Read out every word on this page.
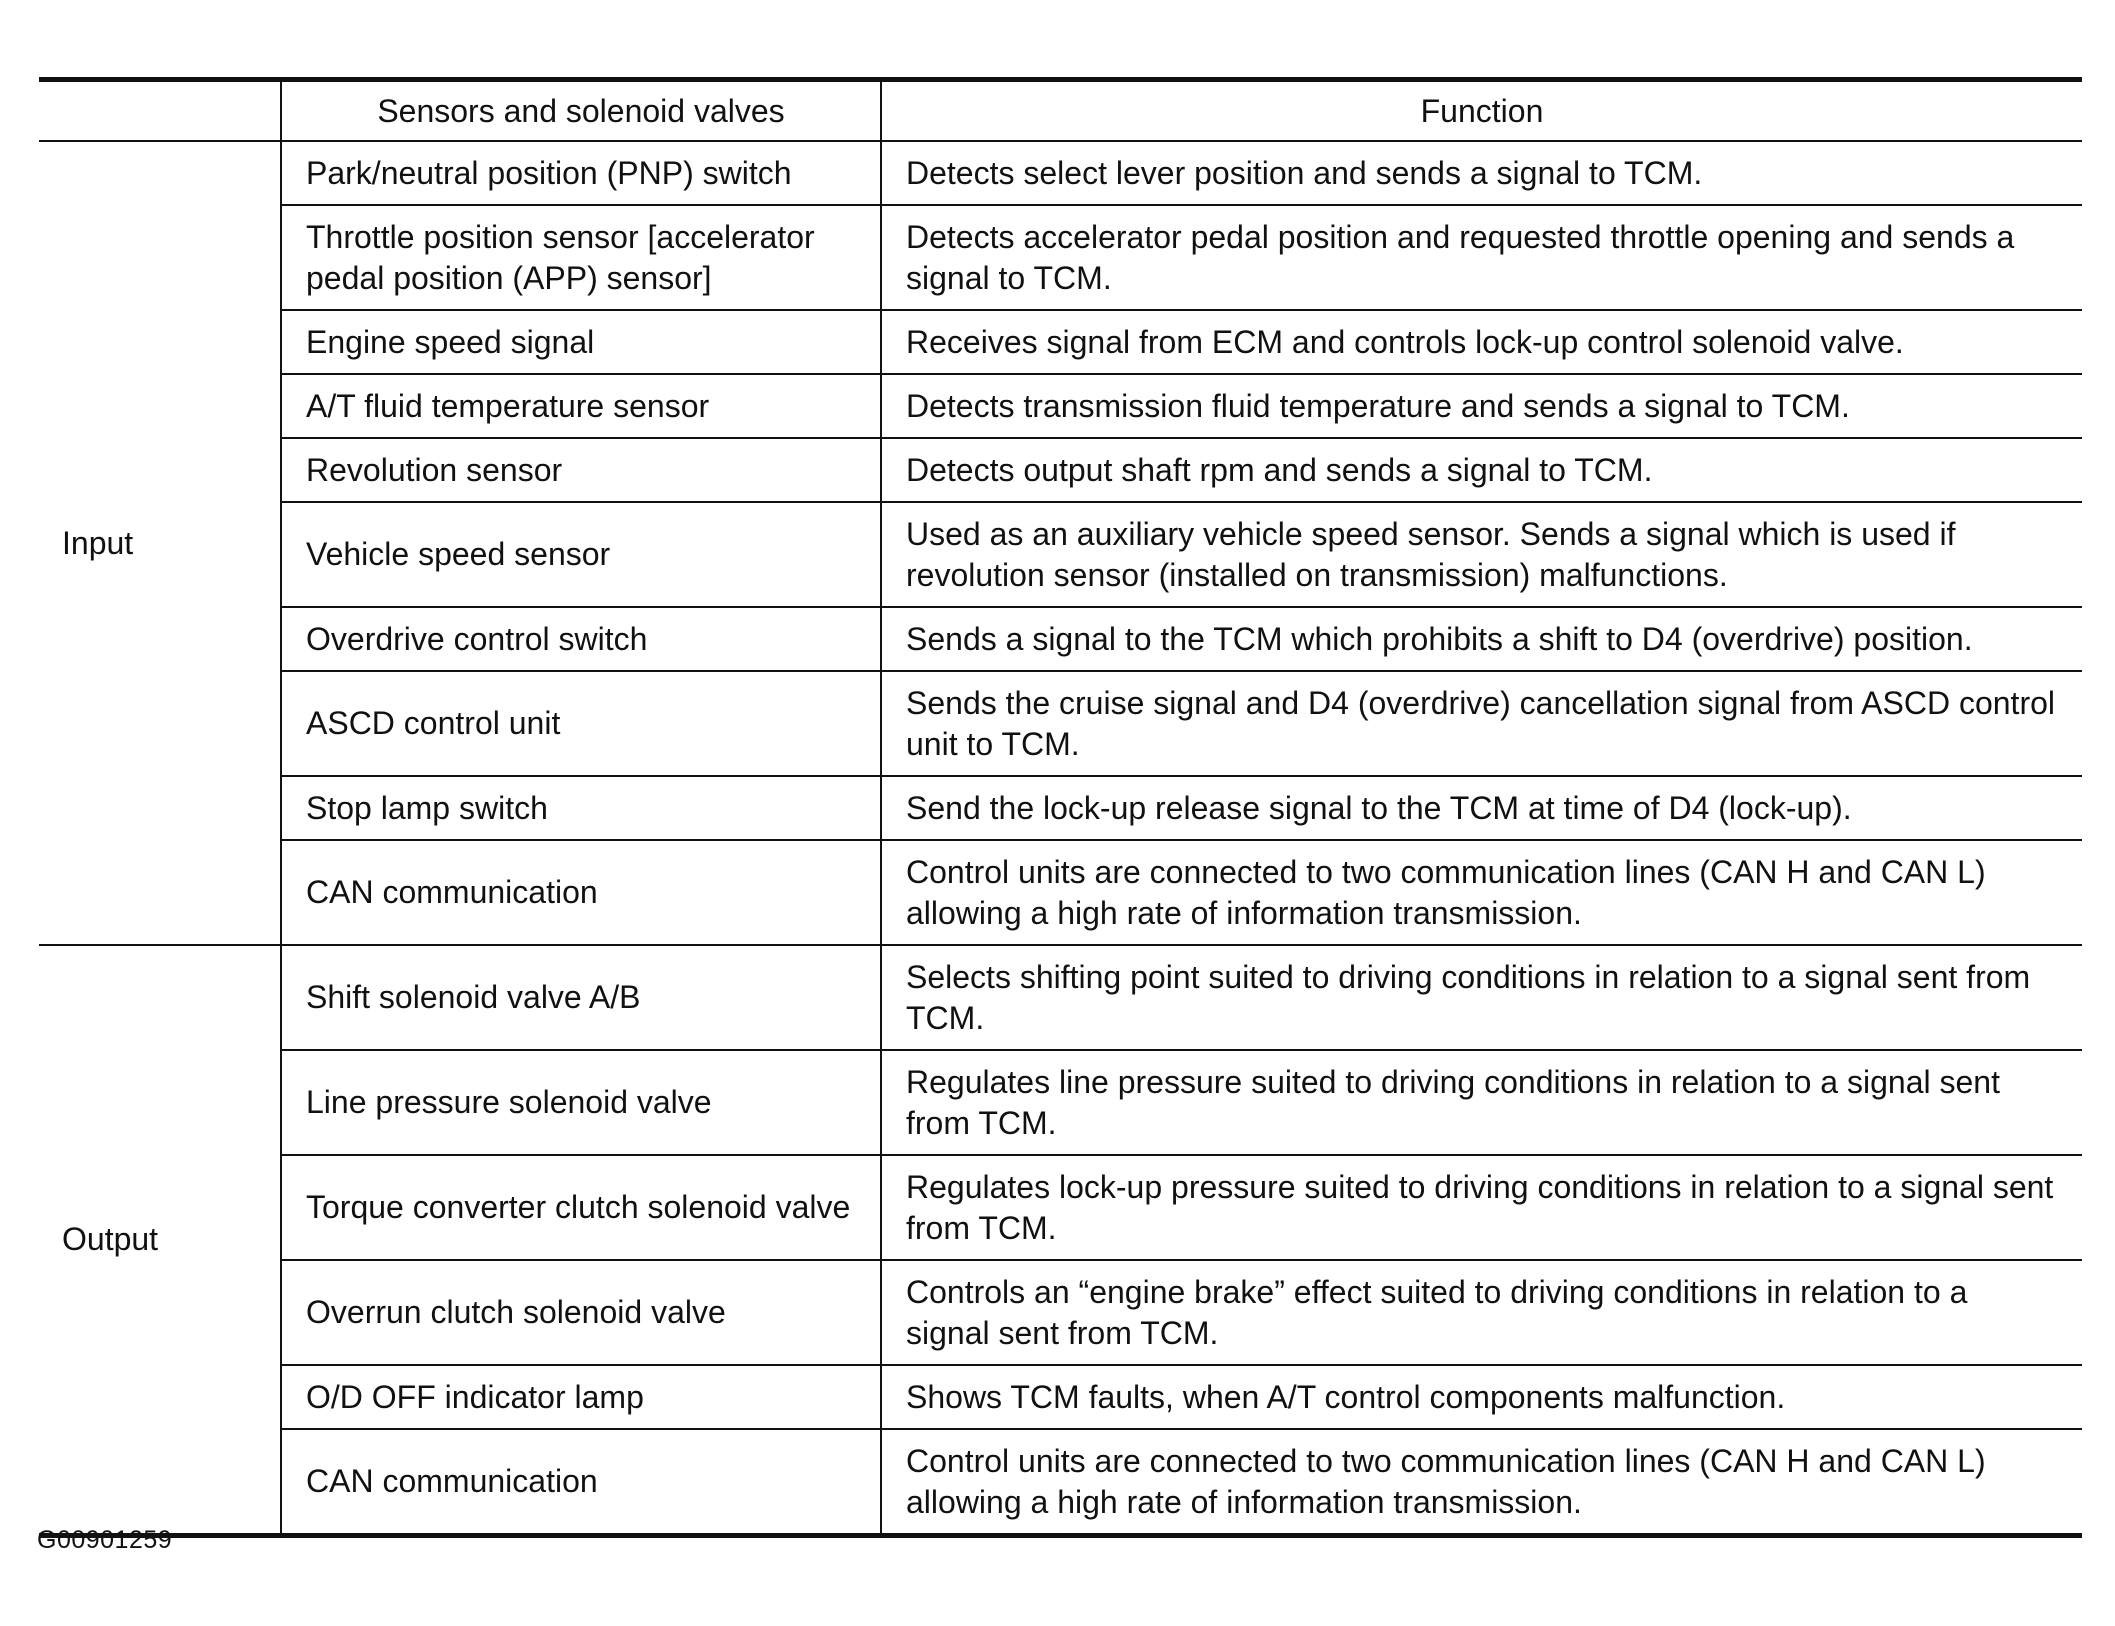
	Sensors and solenoid valves	Function
Input	Park/neutral position (PNP) switch	Detects select lever position and sends a signal to TCM.
	Throttle position sensor [accelerator pedal position (APP) sensor]	Detects accelerator pedal position and requested throttle opening and sends a signal to TCM.
	Engine speed signal	Receives signal from ECM and controls lock-up control solenoid valve.
	A/T fluid temperature sensor	Detects transmission fluid temperature and sends a signal to TCM.
	Revolution sensor	Detects output shaft rpm and sends a signal to TCM.
	Vehicle speed sensor	Used as an auxiliary vehicle speed sensor. Sends a signal which is used if revolution sensor (installed on transmission) malfunctions.
	Overdrive control switch	Sends a signal to the TCM which prohibits a shift to D4 (overdrive) position.
	ASCD control unit	Sends the cruise signal and D4 (overdrive) cancellation signal from ASCD control unit to TCM.
	Stop lamp switch	Send the lock-up release signal to the TCM at time of D4 (lock-up).
	CAN communication	Control units are connected to two communication lines (CAN H and CAN L) allowing a high rate of information transmission.
Output	Shift solenoid valve A/B	Selects shifting point suited to driving conditions in relation to a signal sent from TCM.
	Line pressure solenoid valve	Regulates line pressure suited to driving conditions in relation to a signal sent from TCM.
	Torque converter clutch solenoid valve	Regulates lock-up pressure suited to driving conditions in relation to a signal sent from TCM.
	Overrun clutch solenoid valve	Controls an “engine brake” effect suited to driving conditions in relation to a signal sent from TCM.
	O/D OFF indicator lamp	Shows TCM faults, when A/T control components malfunction.
	CAN communication	Control units are connected to two communication lines (CAN H and CAN L) allowing a high rate of information transmission.
G00901259
